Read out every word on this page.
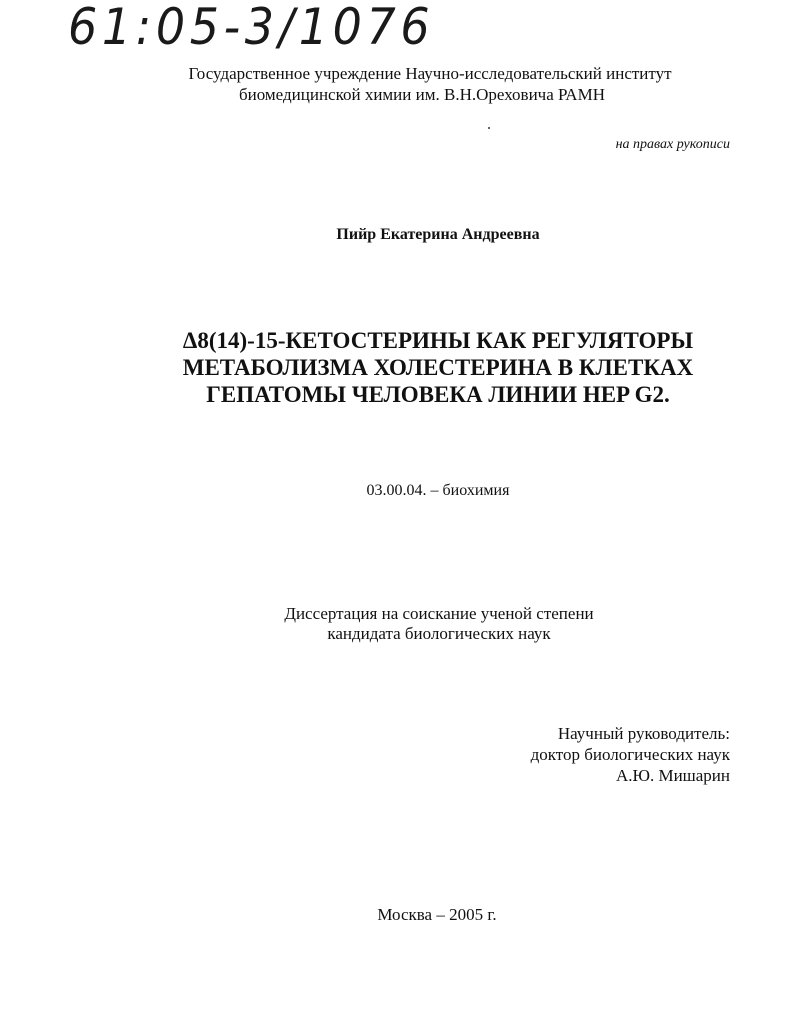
61:05-3/1076
Государственное учреждение Научно-исследовательский институт
биомедицинской химии им. В.Н.Ореховича РАМН
на правах рукописи
Пийр Екатерина Андреевна
Δ8(14)-15-КЕТОСТЕРИНЫ КАК РЕГУЛЯТОРЫ
МЕТАБОЛИЗМА ХОЛЕСТЕРИНА В КЛЕТКАХ
ГЕПАТОМЫ ЧЕЛОВЕКА ЛИНИИ HEP G2.
03.00.04. – биохимия
Диссертация на соискание ученой степени
кандидата биологических наук
Научный руководитель:
доктор биологических наук
А.Ю. Мишарин
Москва – 2005 г.
